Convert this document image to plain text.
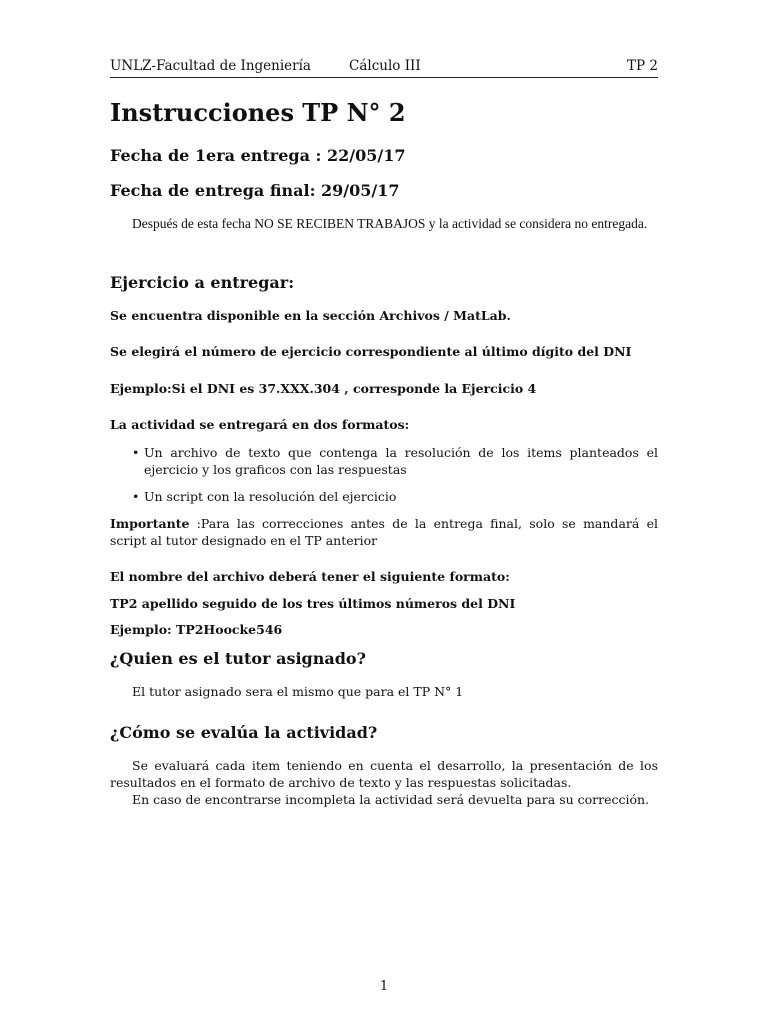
UNLZ-Facultad de Ingeniería	Cálculo III	TP 2
Instrucciones TP N° 2
Fecha de 1era entrega : 22/05/17
Fecha de entrega final: 29/05/17
Después de esta fecha NO SE RECIBEN TRABAJOS y la actividad se considera no entregada.
Ejercicio a entregar:
Se encuentra disponible en la sección Archivos / MatLab.
Se elegirá el número de ejercicio correspondiente al último dígito del DNI
Ejemplo:Si el DNI es 37.XXX.304 , corresponde la Ejercicio 4
La actividad se entregará en dos formatos:
• Un archivo de texto que contenga la resolución de los items planteados el ejercicio y los graficos con las respuestas
• Un script con la resolución del ejercicio
Importante :Para las correcciones antes de la entrega final, solo se mandará el script al tutor designado en el TP anterior
El nombre del archivo deberá tener el siguiente formato:
TP2 apellido seguido de los tres últimos números del DNI
Ejemplo: TP2Hoocke546
¿Quien es el tutor asignado?
El tutor asignado sera el mismo que para el TP N° 1
¿Cómo se evalúa la actividad?
Se evaluará cada item teniendo en cuenta el desarrollo, la presentación de los resultados en el formato de archivo de texto y las respuestas solicitadas.
En caso de encontrarse incompleta la actividad será devuelta para su corrección.
1
